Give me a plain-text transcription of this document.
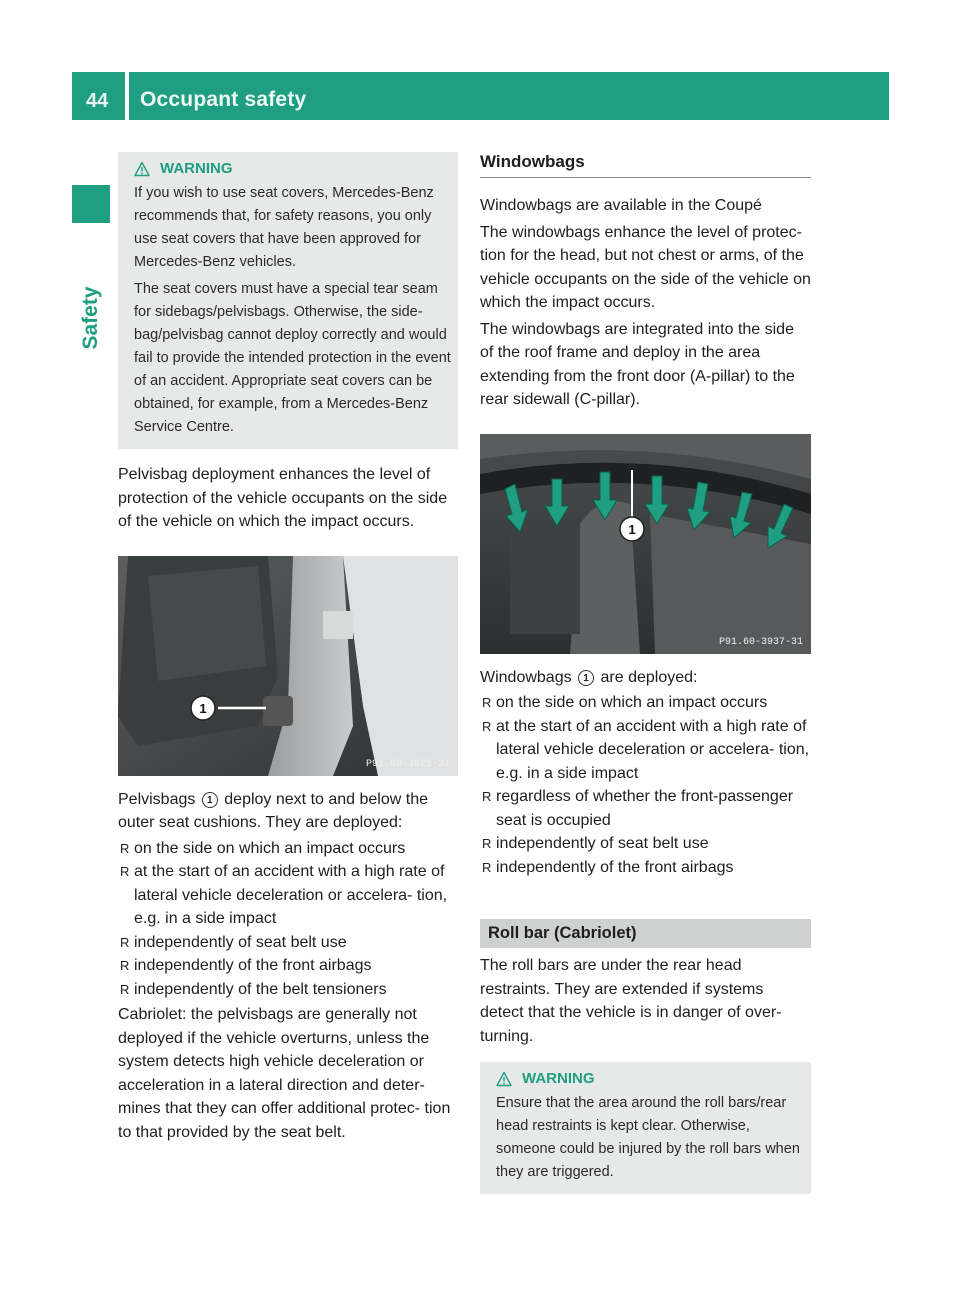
44 Occupant safety
Safety
WARNING
If you wish to use seat covers, Mercedes-Benz recommends that, for safety reasons, you only use seat covers that have been approved for Mercedes-Benz vehicles.
The seat covers must have a special tear seam for sidebags/pelvisbags. Otherwise, the side- bag/pelvisbag cannot deploy correctly and would fail to provide the intended protection in the event of an accident. Appropriate seat covers can be obtained, for example, from a Mercedes-Benz Service Centre.
Pelvisbag deployment enhances the level of protection of the vehicle occupants on the side of the vehicle on which the impact occurs.
1
P91.60-3925-31
Pelvisbags 1 deploy next to and below the outer seat cushions. They are deployed:
R on the side on which an impact occurs
R at the start of an accident with a high rate of lateral vehicle deceleration or accelera- tion, e.g. in a side impact
R independently of seat belt use
R independently of the front airbags
R independently of the belt tensioners
Cabriolet: the pelvisbags are generally not deployed if the vehicle overturns, unless the system detects high vehicle deceleration or acceleration in a lateral direction and deter- mines that they can offer additional protec- tion to that provided by the seat belt.
Windowbags
Windowbags are available in the Coupé
The windowbags enhance the level of protec- tion for the head, but not chest or arms, of the vehicle occupants on the side of the vehicle on which the impact occurs.
The windowbags are integrated into the side of the roof frame and deploy in the area extending from the front door (A-pillar) to the rear sidewall (C-pillar).
1
P91.60-3937-31
Windowbags 1 are deployed:
R on the side on which an impact occurs
R at the start of an accident with a high rate of lateral vehicle deceleration or accelera- tion, e.g. in a side impact
R regardless of whether the front-passenger seat is occupied
R independently of seat belt use
R independently of the front airbags
Roll bar (Cabriolet)
The roll bars are under the rear head restraints. They are extended if systems detect that the vehicle is in danger of over- turning.
WARNING
Ensure that the area around the roll bars/rear head restraints is kept clear. Otherwise, someone could be injured by the roll bars when they are triggered.
